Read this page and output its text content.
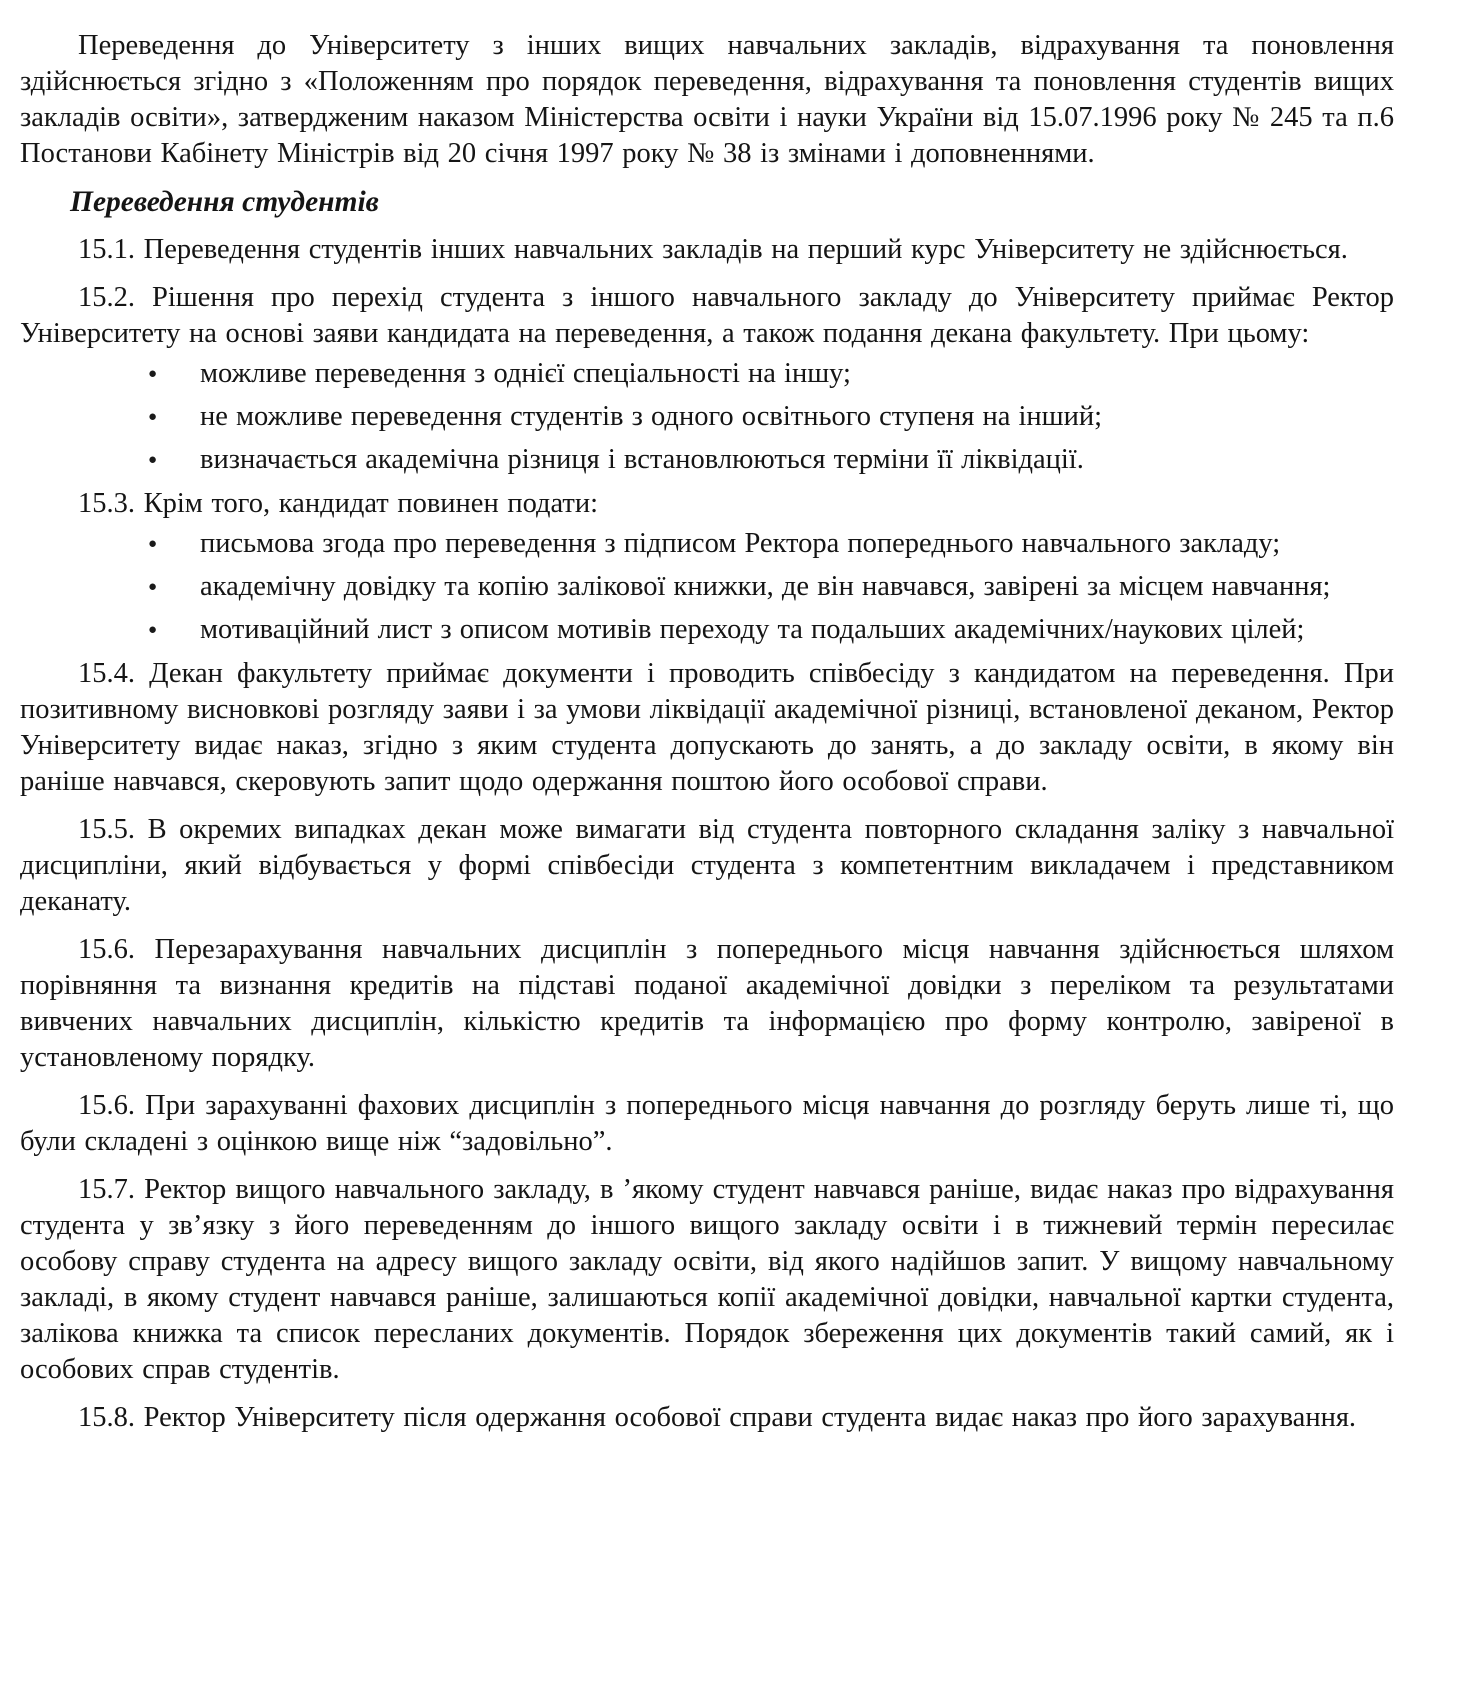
Переведення до Університету з інших вищих навчальних закладів, відрахування та поновлення здійснюється згідно з «Положенням про порядок переведення, відрахування та поновлення студентів вищих закладів освіти», затвердженим наказом Міністерства освіти і науки України від 15.07.1996 року № 245 та п.6 Постанови Кабінету Міністрів від 20 січня 1997 року № 38 із змінами і доповненнями.

Переведення студентів

15.1. Переведення студентів інших навчальних закладів на перший курс Університету не здійснюється.

15.2. Рішення про перехід студента з іншого навчального закладу до Університету приймає Ректор Університету на основі заяви кандидата на переведення, а також подання декана факультету. При цьому:

●	можливе переведення з однієї спеціальності на іншу;
●	не можливе переведення студентів з одного освітнього ступеня на інший;
●	визначається академічна різниця і встановлюються терміни її ліквідації.

15.3. Крім того, кандидат повинен подати:

●	письмова згода про переведення з підписом Ректора попереднього навчального закладу;
●	академічну довідку та копію залікової книжки, де він навчався, завірені за місцем навчання;
●	мотиваційний лист з описом мотивів переходу та подальших академічних/наукових цілей;

15.4. Декан факультету приймає документи і проводить співбесіду з кандидатом на переведення. При позитивному висновкові розгляду заяви і за умови ліквідації академічної різниці, встановленої деканом, Ректор Університету видає наказ, згідно з яким студента допускають до занять, а до закладу освіти, в якому він раніше навчався, скеровують запит щодо одержання поштою його особової справи.

15.5. В окремих випадках декан може вимагати від студента повторного складання заліку з навчальної дисципліни, який відбувається у формі співбесіди студента з компетентним викладачем і представником деканату.

15.6. Перезарахування навчальних дисциплін з попереднього місця навчання здійснюється шляхом порівняння та визнання кредитів на підставі поданої академічної довідки з переліком та результатами вивчених навчальних дисциплін, кількістю кредитів та інформацією про форму контролю, завіреної в установленому порядку.

15.6. При зарахуванні фахових дисциплін з попереднього місця навчання до розгляду беруть лише ті, що були складені з оцінкою вище ніж “задовільно”.

15.7. Ректор вищого навчального закладу, в ’якому студент навчався раніше, видає наказ про відрахування студента у зв’язку з його переведенням до іншого вищого закладу освіти і в тижневий термін пересилає особову справу студента на адресу вищого закладу освіти, від якого надійшов запит. У вищому навчальному закладі, в якому студент навчався раніше, залишаються копії академічної довідки, навчальної картки студента, залікова книжка та список пересланих документів. Порядок збереження цих документів такий самий, як і особових справ студентів.

15.8. Ректор Університету після одержання особової справи студента видає наказ про його зарахування.
